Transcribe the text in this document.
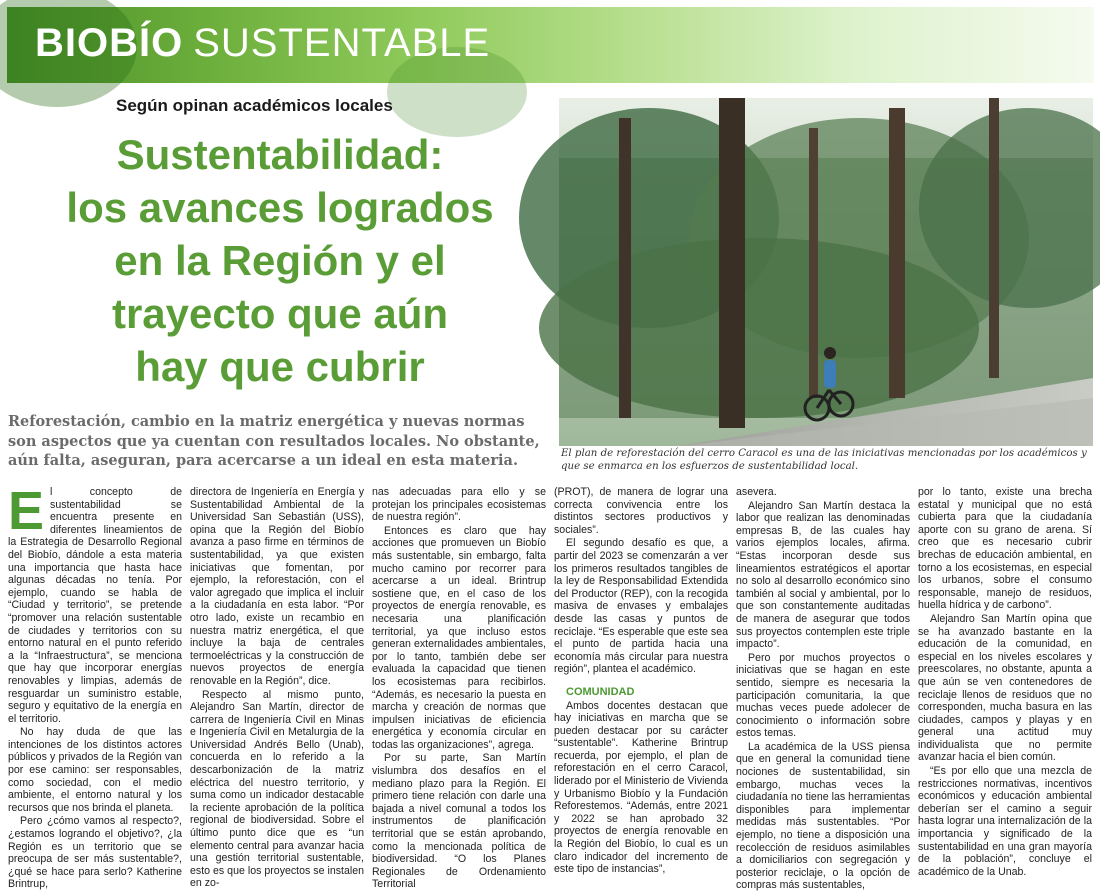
BIOBÍO SUSTENTABLE
Según opinan académicos locales
Sustentabilidad:
los avances logrados
en la Región y el
trayecto que aún
hay que cubrir
Reforestación, cambio en la matriz energética y nuevas normas son aspectos que ya cuentan con resultados locales. No obstante, aún falta, aseguran, para acercarse a un ideal en esta materia.	El plan de reforestación del cerro Caracol es una de las iniciativas mencionadas por los académicos y que se enmarca en los esfuerzos de sustentabilidad local.

El concepto de sustentabilidad se encuentra presente en diferentes lineamientos de la Estrategia de Desarrollo Regional del Biobío, dándole a esta materia una importancia que hasta hace algunas décadas no tenía. Por ejemplo, cuando se habla de “Ciudad y territorio”, se pretende “promover una relación sustentable de ciudades y territorios con su entorno natural en el punto referido a la “Infraestructura”, se menciona que hay que incorporar energías renovables y limpias, además de resguardar un suministro estable, seguro y equitativo de la energía en el territorio.

No hay duda de que las intenciones de los distintos actores públicos y privados de la Región van por ese camino: ser responsables, como sociedad, con el medio ambiente, el entorno natural y los recursos que nos brinda el planeta.

Pero ¿cómo vamos al respecto?, ¿estamos logrando el objetivo?, ¿la Región es un territorio que se preocupa de ser más sustentable?, ¿qué se hace para serlo? Katherine Brintrup,

directora de Ingeniería en Energía y Sustentabilidad Ambiental de la Universidad San Sebastián (USS), opina que la Región del Biobío avanza a paso firme en términos de sustentabilidad, ya que existen iniciativas que fomentan, por ejemplo, la reforestación, con el valor agregado que implica el incluir a la ciudadanía en esta labor. “Por otro lado, existe un recambio en nuestra matriz energética, el que incluye la baja de centrales termoeléctricas y la construcción de nuevos proyectos de energía renovable en la Región”, dice.

Respecto al mismo punto, Alejandro San Martín, director de carrera de Ingeniería Civil en Minas e Ingeniería Civil en Metalurgia de la Universidad Andrés Bello (Unab), concuerda en lo referido a la descarbonización de la matriz eléctrica del nuestro territorio, y suma como un indicador destacable la reciente aprobación de la política regional de biodiversidad. Sobre el último punto dice que es “un elemento central para avanzar hacia una gestión territorial sustentable, esto es que los proyectos se instalen en zo-

nas adecuadas para ello y se protejan los principales ecosistemas de nuestra región”.

Entonces es claro que hay acciones que promueven un Biobío más sustentable, sin embargo, falta mucho camino por recorrer para acercarse a un ideal. Brintrup sostiene que, en el caso de los proyectos de energía renovable, es necesaria una planificación territorial, ya que incluso estos generan externalidades ambientales, por lo tanto, también debe ser evaluada la capacidad que tienen los ecosistemas para recibirlos. “Además, es necesario la puesta en marcha y creación de normas que impulsen iniciativas de eficiencia energética y economía circular en todas las organizaciones”, agrega.

Por su parte, San Martín vislumbra dos desafíos en el mediano plazo para la Región. El primero tiene relación con darle una bajada a nivel comunal a todos los instrumentos de planificación territorial que se están aprobando, como la mencionada política de biodiversidad. “O los Planes Regionales de Ordenamiento Territorial

(PROT), de manera de lograr una correcta convivencia entre los distintos sectores productivos y sociales”.

El segundo desafío es que, a partir del 2023 se comenzarán a ver los primeros resultados tangibles de la ley de Responsabilidad Extendida del Productor (REP), con la recogida masiva de envases y embalajes desde las casas y puntos de reciclaje. “Es esperable que este sea el punto de partida hacia una economía más circular para nuestra región”, plantea el académico.

COMUNIDAD

Ambos docentes destacan que hay iniciativas en marcha que se pueden destacar por su carácter “sustentable”. Katherine Brintrup recuerda, por ejemplo, el plan de reforestación en el cerro Caracol, liderado por el Ministerio de Vivienda y Urbanismo Biobío y la Fundación Reforestemos. “Además, entre 2021 y 2022 se han aprobado 32 proyectos de energía renovable en la Región del Biobío, lo cual es un claro indicador del incremento de este tipo de instancias”,

asevera.

Alejandro San Martín destaca la labor que realizan las denominadas empresas B, de las cuales hay varios ejemplos locales, afirma. “Estas incorporan desde sus lineamientos estratégicos el aportar no solo al desarrollo económico sino también al social y ambiental, por lo que son constantemente auditadas de manera de asegurar que todos sus proyectos contemplen este triple impacto”.

Pero por muchos proyectos o iniciativas que se hagan en este sentido, siempre es necesaria la participación comunitaria, la que muchas veces puede adolecer de conocimiento o información sobre estos temas.

La académica de la USS piensa que en general la comunidad tiene nociones de sustentabilidad, sin embargo, muchas veces la ciudadanía no tiene las herramientas disponibles para implementar medidas más sustentables. “Por ejemplo, no tiene a disposición una recolección de residuos asimilables a domiciliarios con segregación y posterior reciclaje, o la opción de compras más sustentables,

por lo tanto, existe una brecha estatal y municipal que no está cubierta para que la ciudadanía aporte con su grano de arena. Sí creo que es necesario cubrir brechas de educación ambiental, en torno a los ecosistemas, en especial los urbanos, sobre el consumo responsable, manejo de residuos, huella hídrica y de carbono”.

Alejandro San Martín opina que se ha avanzado bastante en la educación de la comunidad, en especial en los niveles escolares y preescolares, no obstante, apunta a que aún se ven contenedores de reciclaje llenos de residuos que no corresponden, mucha basura en las ciudades, campos y playas y en general una actitud muy individualista que no permite avanzar hacia el bien común.

“Es por ello que una mezcla de restricciones normativas, incentivos económicos y educación ambiental deberían ser el camino a seguir hasta lograr una internalización de la importancia y significado de la sustentabilidad en una gran mayoría de la población”, concluye el académico de la Unab.
